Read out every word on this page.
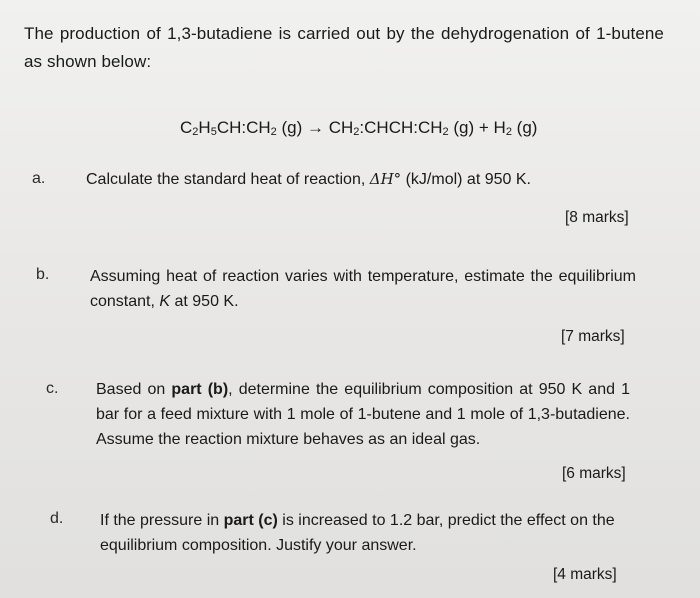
The production of 1,3-butadiene is carried out by the dehydrogenation of 1-butene as shown below:
$C_2H_5CH:CH_2$ $(g) \to CH_2:CHCH:CH_2$ $(g) + H_2$ (g)
a.	Calculate the standard heat of reaction, ΔH° (kJ/mol) at 950 K.
[8 marks]
b.	Assuming heat of reaction varies with temperature, estimate the equilibrium constant, K at 950 K.
[7 marks]
c. Based on part (b), determine the equilibrium composition at 950 K and 1 bar for a feed mixture with 1 mole of 1-butene and 1 mole of 1,3-butadiene. Assume the reaction mixture behaves as an ideal gas.
[6 marks]
d. If the pressure in part (c) is increased to 1.2 bar, predict the effect on the equilibrium composition. Justify your answer.
[4 marks]
